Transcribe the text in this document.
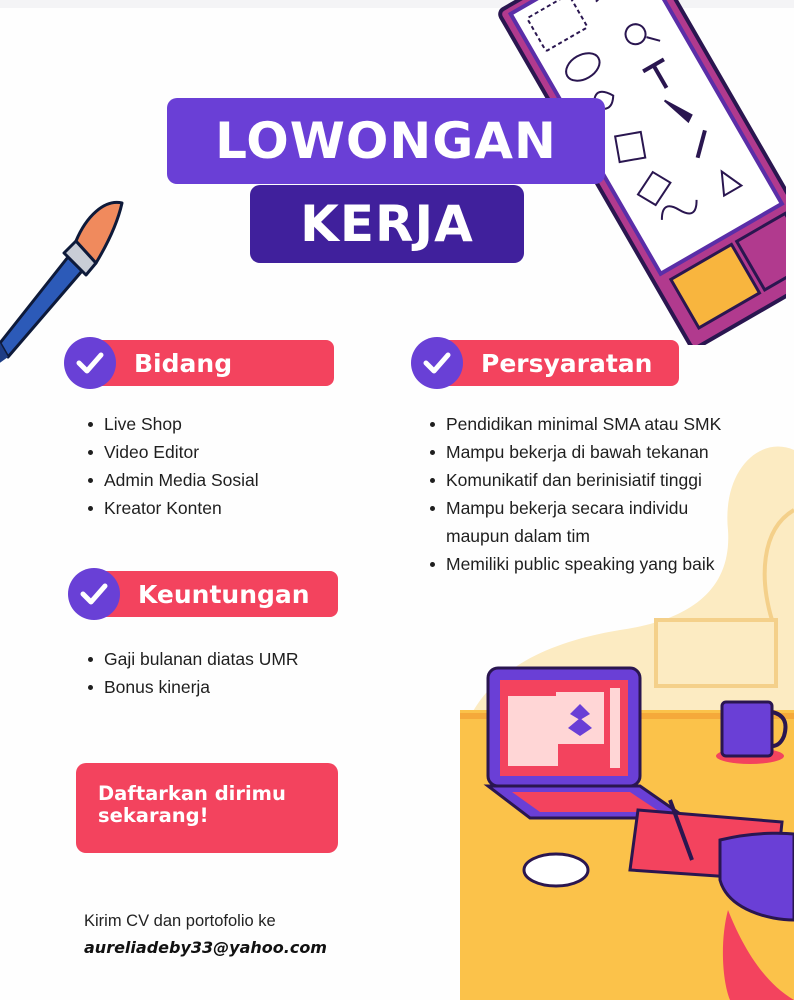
LOWONGAN
KERJA
Bidang
Live Shop
Video Editor
Admin Media Sosial
Kreator Konten
Keuntungan
Gaji bulanan diatas UMR
Bonus kinerja
Persyaratan
Pendidikan minimal SMA atau SMK
Mampu bekerja di bawah tekanan
Komunikatif dan berinisiatif tinggi
Mampu bekerja secara individu maupun dalam tim
Memiliki public speaking yang baik
Daftarkan dirimu
sekarang!
Kirim CV dan portofolio ke
aureliadeby33@yahoo.com
